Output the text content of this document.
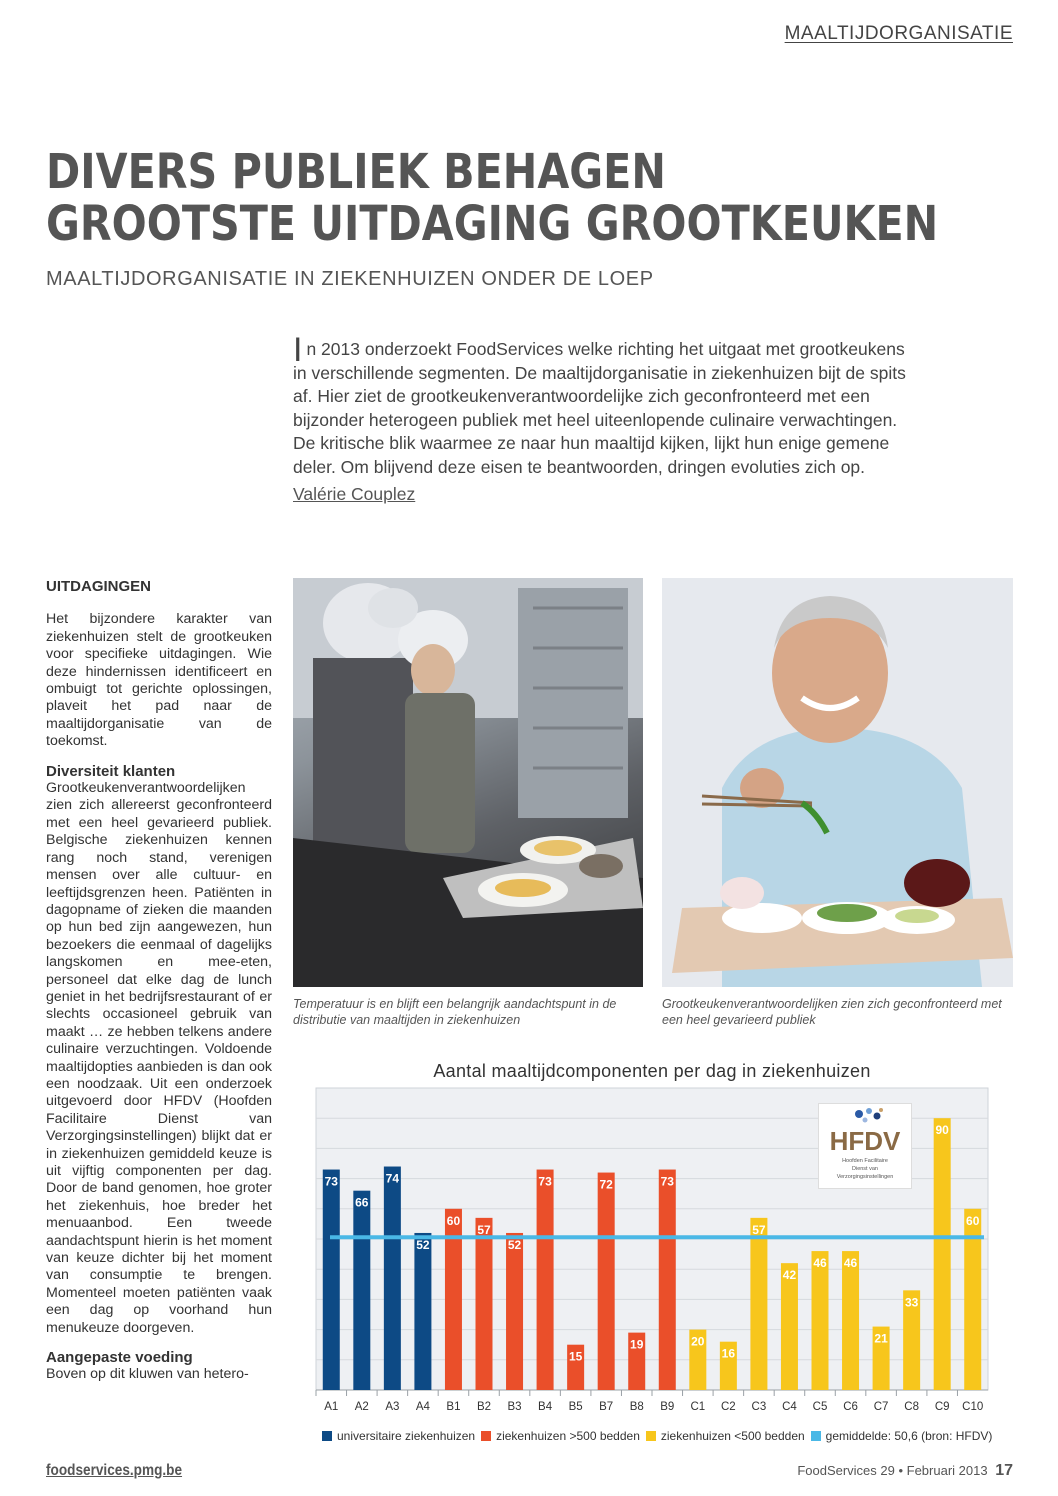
MAALTIJDORGANISATIE
DIVERS PUBLIEK BEHAGEN
GROOTSTE UITDAGING GROOTKEUKEN
MAALTIJDORGANISATIE IN ZIEKENHUIZEN ONDER DE LOEP
In 2013 onderzoekt FoodServices welke richting het uitgaat met grootkeukens in verschillende segmenten. De maaltijdorganisatie in ziekenhuizen bijt de spits af. Hier ziet de grootkeukenverantwoordelijke zich geconfronteerd met een bijzonder heterogeen publiek met heel uiteenlopende culinaire verwachtingen. De kritische blik waarmee ze naar hun maaltijd kijken, lijkt hun enige gemene deler. Om blijvend deze eisen te beantwoorden, dringen evoluties zich op.
Valérie Couplez
UITDAGINGEN

Het bijzondere karakter van ziekenhuizen stelt de grootkeuken voor specifieke uitdagingen. Wie deze hindernissen identificeert en ombuigt tot gerichte oplossingen, plaveit het pad naar de maaltijdorganisatie van de toekomst.

Diversiteit klanten

Grootkeukenverantwoordelijken zien zich allereerst geconfronteerd met een heel gevarieerd publiek. Belgische ziekenhuizen kennen rang noch stand, verenigen mensen over alle cultuur- en leeftijdsgrenzen heen. Patiënten in dagopname of zieken die maanden op hun bed zijn aangewezen, hun bezoekers die eenmaal of dagelijks langskomen en mee-eten, personeel dat elke dag de lunch geniet in het bedrijfsrestaurant of er slechts occasioneel gebruik van maakt … ze hebben telkens andere culinaire verzuchtingen. Voldoende maaltijdopties aanbieden is dan ook een noodzaak. Uit een onderzoek uitgevoerd door HFDV (Hoofden Facilitaire Dienst van Verzorgingsinstellingen) blijkt dat er in ziekenhuizen gemiddeld keuze is uit vijftig componenten per dag. Door de band genomen, hoe groter het ziekenhuis, hoe breder het menuaanbod. Een tweede aandachtspunt hierin is het moment van keuze dichter bij het moment van consumptie te brengen. Momenteel moeten patiënten vaak een dag op voorhand hun menukeuze doorgeven.

Aangepaste voeding

Boven op dit kluwen van hetero-

Temperatuur is en blijft een belangrijk aandachtspunt in de distributie van maaltijden in ziekenhuizen
Grootkeukenverantwoordelijken zien zich geconfronteerd met een heel gevarieerd publiek
Aantal maaltijdcomponenten per dag in ziekenhuizen
73
66
74
52
60
57
52
73
15
72
19
73
20
16
57
42
46 46
21
33
90
60
A1 A2 A3 A4 B1 B2 B3 B4 B5 B7 B8 B9 C1 C2 C3 C4 C5 C6 C7 C8 C9 C10
HFDV
Hoofden Facilitaire
Dienst van
Verzorgingsinstellingen
universitaire ziekenhuizen ziekenhuizen >500 bedden ziekenhuizen <500 bedden gemiddelde: 50,6 (bron: HFDV)
foodservices.pmg.be	FoodServices 29 • Februari 2013 17
